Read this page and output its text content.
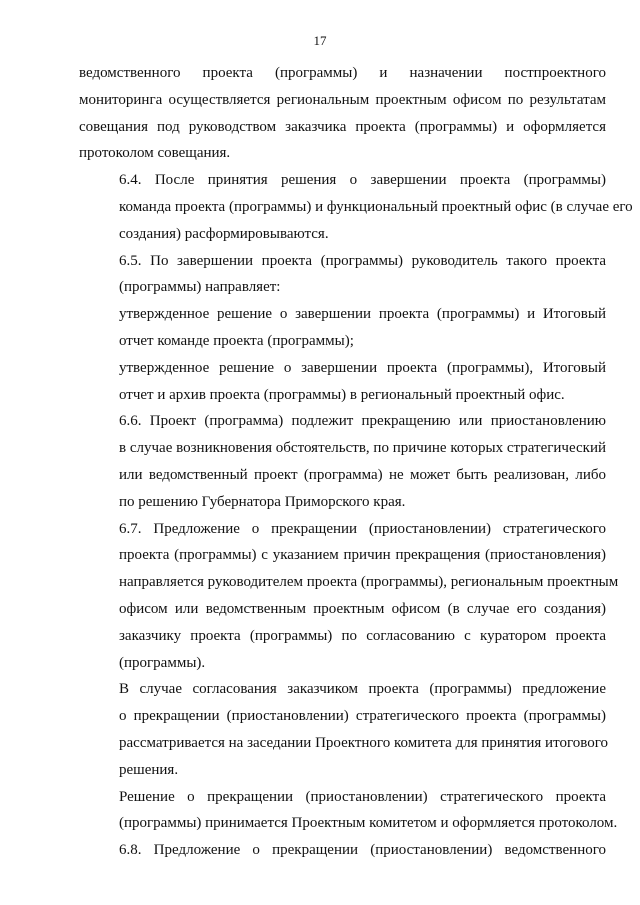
17

ведомственного проекта (программы) и назначении постпроектного
мониторинга осуществляется региональным проектным офисом по результатам
совещания под руководством заказчика проекта (программы) и оформляется
протоколом совещания.

6.4. После принятия решения о завершении проекта (программы)
команда проекта (программы) и функциональный проектный офис (в случае его
создания) расформировываются.

6.5. По завершении проекта (программы) руководитель такого проекта
(программы) направляет:

утвержденное решение о завершении проекта (программы) и Итоговый
отчет команде проекта (программы);

утвержденное решение о завершении проекта (программы), Итоговый
отчет и архив проекта (программы) в региональный проектный офис.

6.6. Проект (программа) подлежит прекращению или приостановлению
в случае возникновения обстоятельств, по причине которых стратегический
или ведомственный проект (программа) не может быть реализован, либо
по решению Губернатора Приморского края.

6.7. Предложение о прекращении (приостановлении) стратегического
проекта (программы) с указанием причин прекращения (приостановления)
направляется руководителем проекта (программы), региональным проектным
офисом или ведомственным проектным офисом (в случае его создания)
заказчику проекта (программы) по согласованию с куратором проекта
(программы).

В случае согласования заказчиком проекта (программы) предложение
о прекращении (приостановлении) стратегического проекта (программы)
рассматривается на заседании Проектного комитета для принятия итогового
решения.

Решение о прекращении (приостановлении) стратегического проекта
(программы) принимается Проектным комитетом и оформляется протоколом.

6.8. Предложение о прекращении (приостановлении) ведомственного
